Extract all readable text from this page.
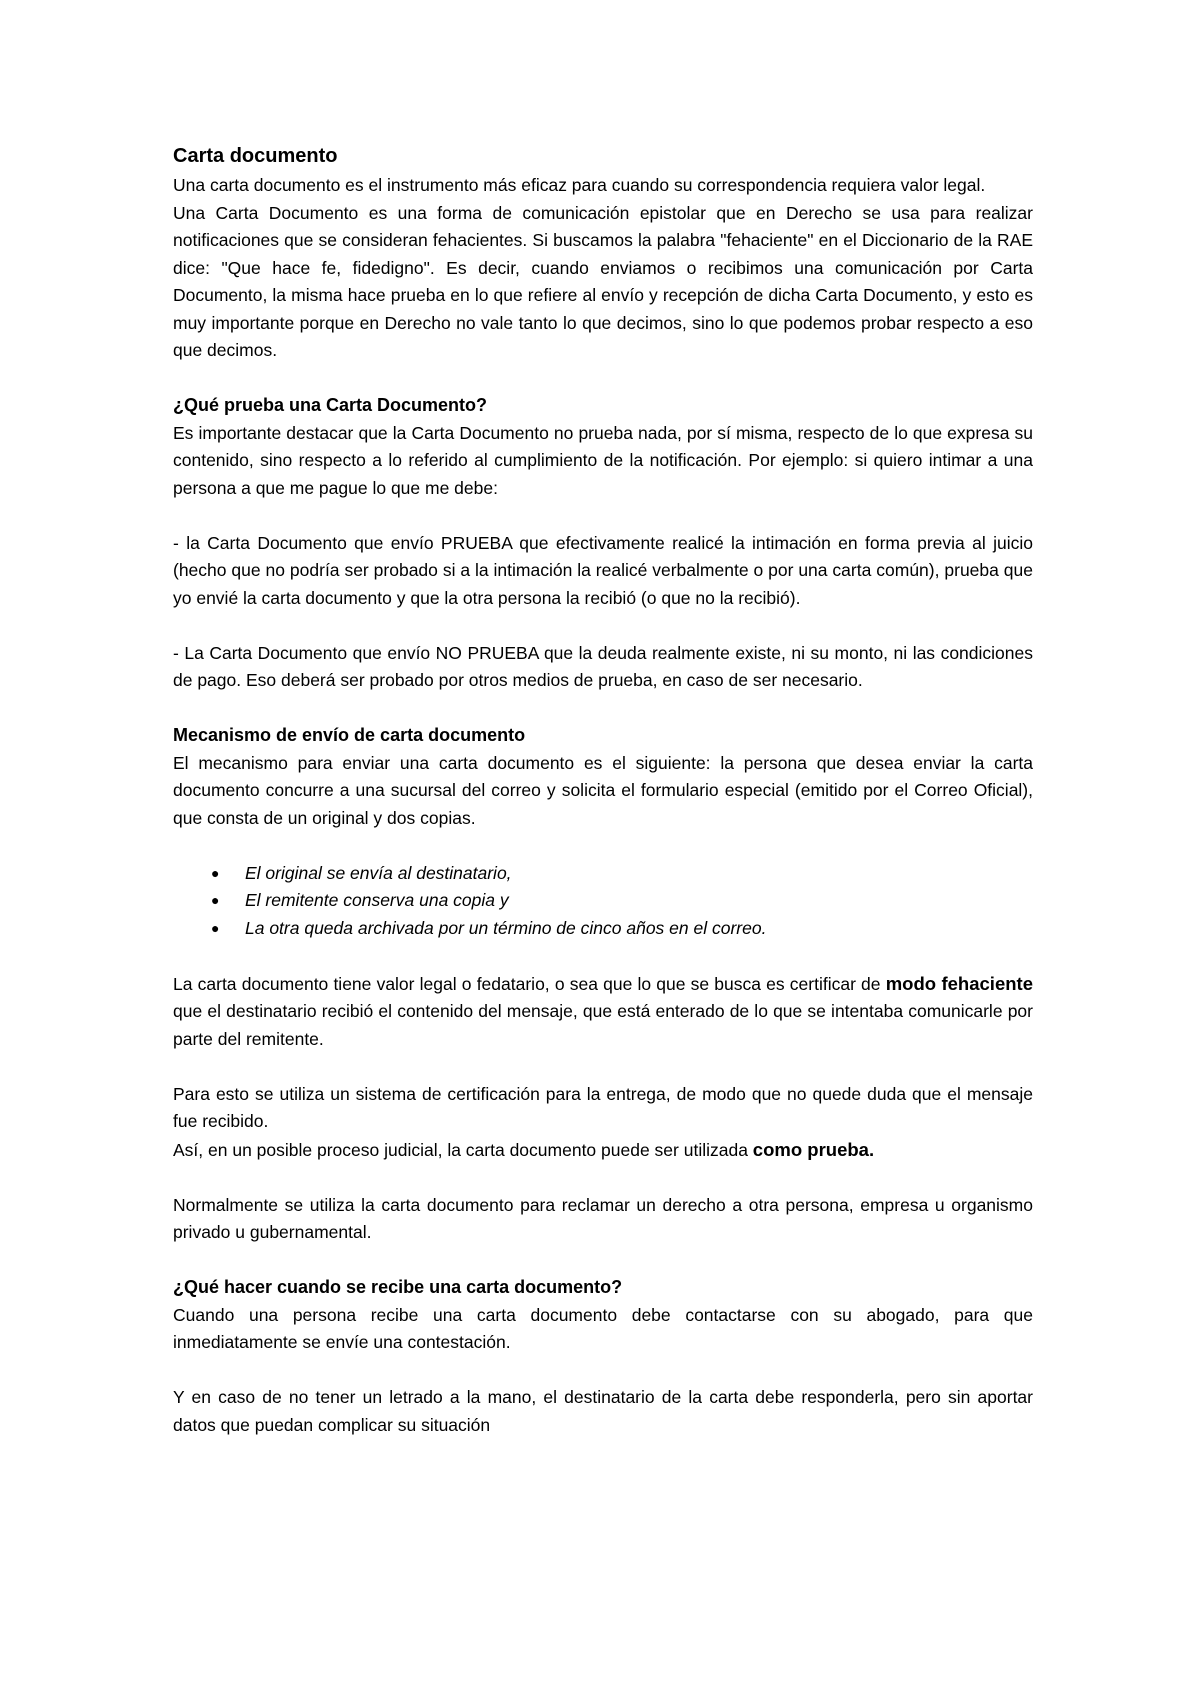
Carta documento

Una carta documento es el instrumento más eficaz para cuando su correspondencia requiera valor legal.

Una Carta Documento es una forma de comunicación epistolar que en Derecho se usa para realizar notificaciones que se consideran fehacientes. Si buscamos la palabra "fehaciente" en el Diccionario de la RAE dice: "Que hace fe, fidedigno". Es decir, cuando enviamos o recibimos una comunicación por Carta Documento, la misma hace prueba en lo que refiere al envío y recepción de dicha Carta Documento, y esto es muy importante porque en Derecho no vale tanto lo que decimos, sino lo que podemos probar respecto a eso que decimos.

¿Qué prueba una Carta Documento?

Es importante destacar que la Carta Documento no prueba nada, por sí misma, respecto de lo que expresa su contenido, sino respecto a lo referido al cumplimiento de la notificación. Por ejemplo: si quiero intimar a una persona a que me pague lo que me debe:

- la Carta Documento que envío PRUEBA que efectivamente realicé la intimación en forma previa al juicio (hecho que no podría ser probado si a la intimación la realicé verbalmente o por una carta común), prueba que yo envié la carta documento y que la otra persona la recibió (o que no la recibió).

- La Carta Documento que envío NO PRUEBA que la deuda realmente existe, ni su monto, ni las condiciones de pago. Eso deberá ser probado por otros medios de prueba, en caso de ser necesario.

Mecanismo de envío de carta documento

El mecanismo para enviar una carta documento es el siguiente: la persona que desea enviar la carta documento concurre a una sucursal del correo y solicita el formulario especial (emitido por el Correo Oficial), que consta de un original y dos copias.

● El original se envía al destinatario,
● El remitente conserva una copia y
● La otra queda archivada por un término de cinco años en el correo.

La carta documento tiene valor legal o fedatario, o sea que lo que se busca es certificar de modo fehaciente que el destinatario recibió el contenido del mensaje, que está enterado de lo que se intentaba comunicarle por parte del remitente.

Para esto se utiliza un sistema de certificación para la entrega, de modo que no quede duda que el mensaje fue recibido.

Así, en un posible proceso judicial, la carta documento puede ser utilizada como prueba.

Normalmente se utiliza la carta documento para reclamar un derecho a otra persona, empresa u organismo privado u gubernamental.

¿Qué hacer cuando se recibe una carta documento?

Cuando una persona recibe una carta documento debe contactarse con su abogado, para que inmediatamente se envíe una contestación.

Y en caso de no tener un letrado a la mano, el destinatario de la carta debe responderla, pero sin aportar datos que puedan complicar su situación
